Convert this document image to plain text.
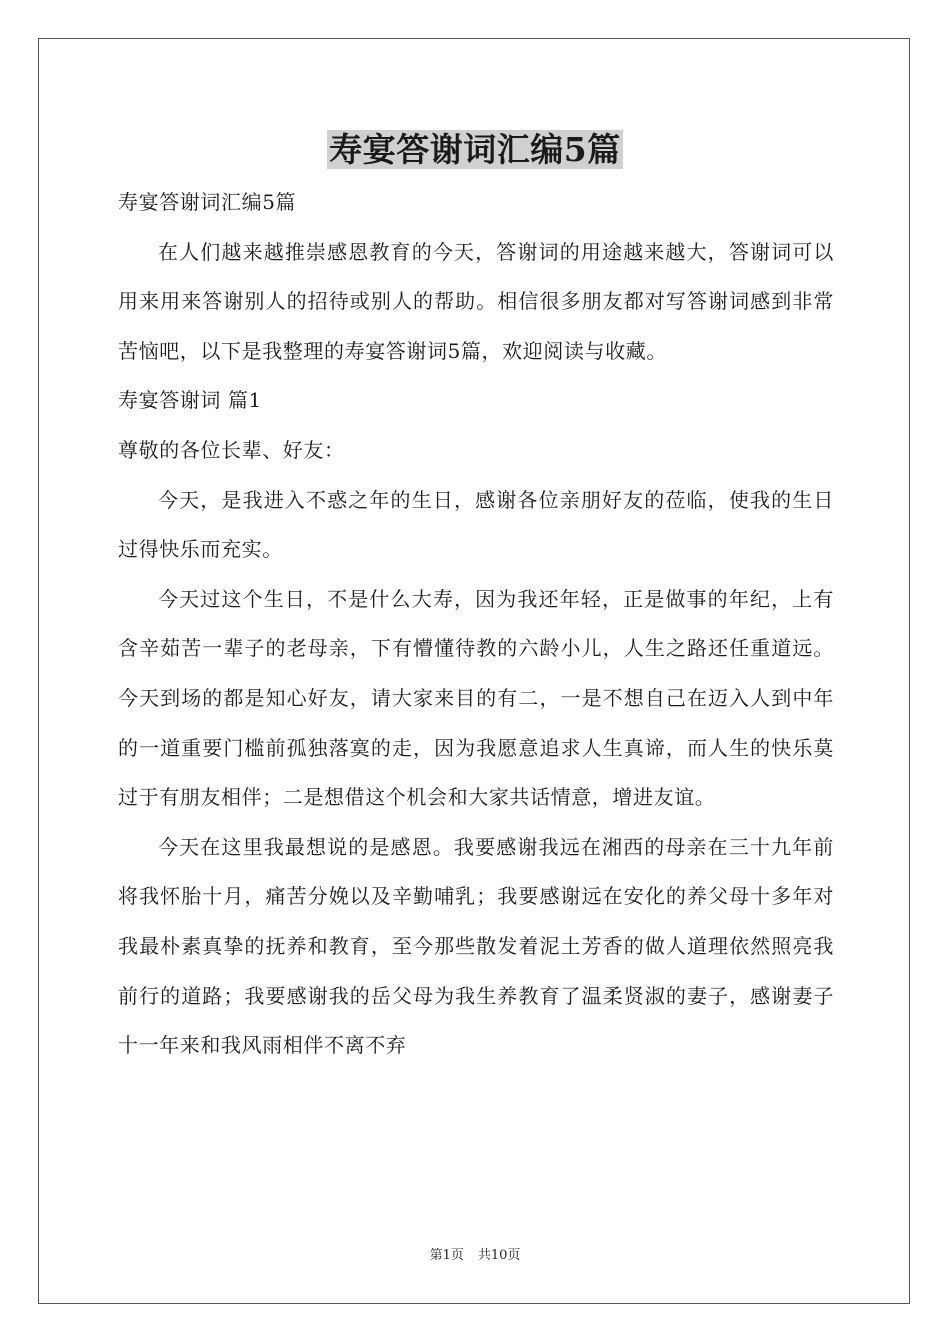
寿宴答谢词汇编5篇
寿宴答谢词汇编5篇

在人们越来越推崇感恩教育的今天，答谢词的用途越来越大，答谢词可以用来用来答谢别人的招待或别人的帮助。相信很多朋友都对写答谢词感到非常苦恼吧，以下是我整理的寿宴答谢词5篇，欢迎阅读与收藏。

寿宴答谢词 篇1
尊敬的各位长辈、好友：

今天，是我进入不惑之年的生日，感谢各位亲朋好友的莅临，使我的生日过得快乐而充实。

今天过这个生日，不是什么大寿，因为我还年轻，正是做事的年纪，上有含辛茹苦一辈子的老母亲，下有懵懂待教的六龄小儿，人生之路还任重道远。今天到场的都是知心好友，请大家来目的有二，一是不想自己在迈入人到中年的一道重要门槛前孤独落寞的走，因为我愿意追求人生真谛，而人生的快乐莫过于有朋友相伴；二是想借这个机会和大家共话情意，增进友谊。

今天在这里我最想说的是感恩。我要感谢我远在湘西的母亲在三十九年前将我怀胎十月，痛苦分娩以及辛勤哺乳；我要感谢远在安化的养父母十多年对我最朴素真挚的抚养和教育，至今那些散发着泥土芳香的做人道理依然照亮我前行的道路；我要感谢我的岳父母为我生养教育了温柔贤淑的妻子，感谢妻子十一年来和我风雨相伴不离不弃

第1页 共10页
